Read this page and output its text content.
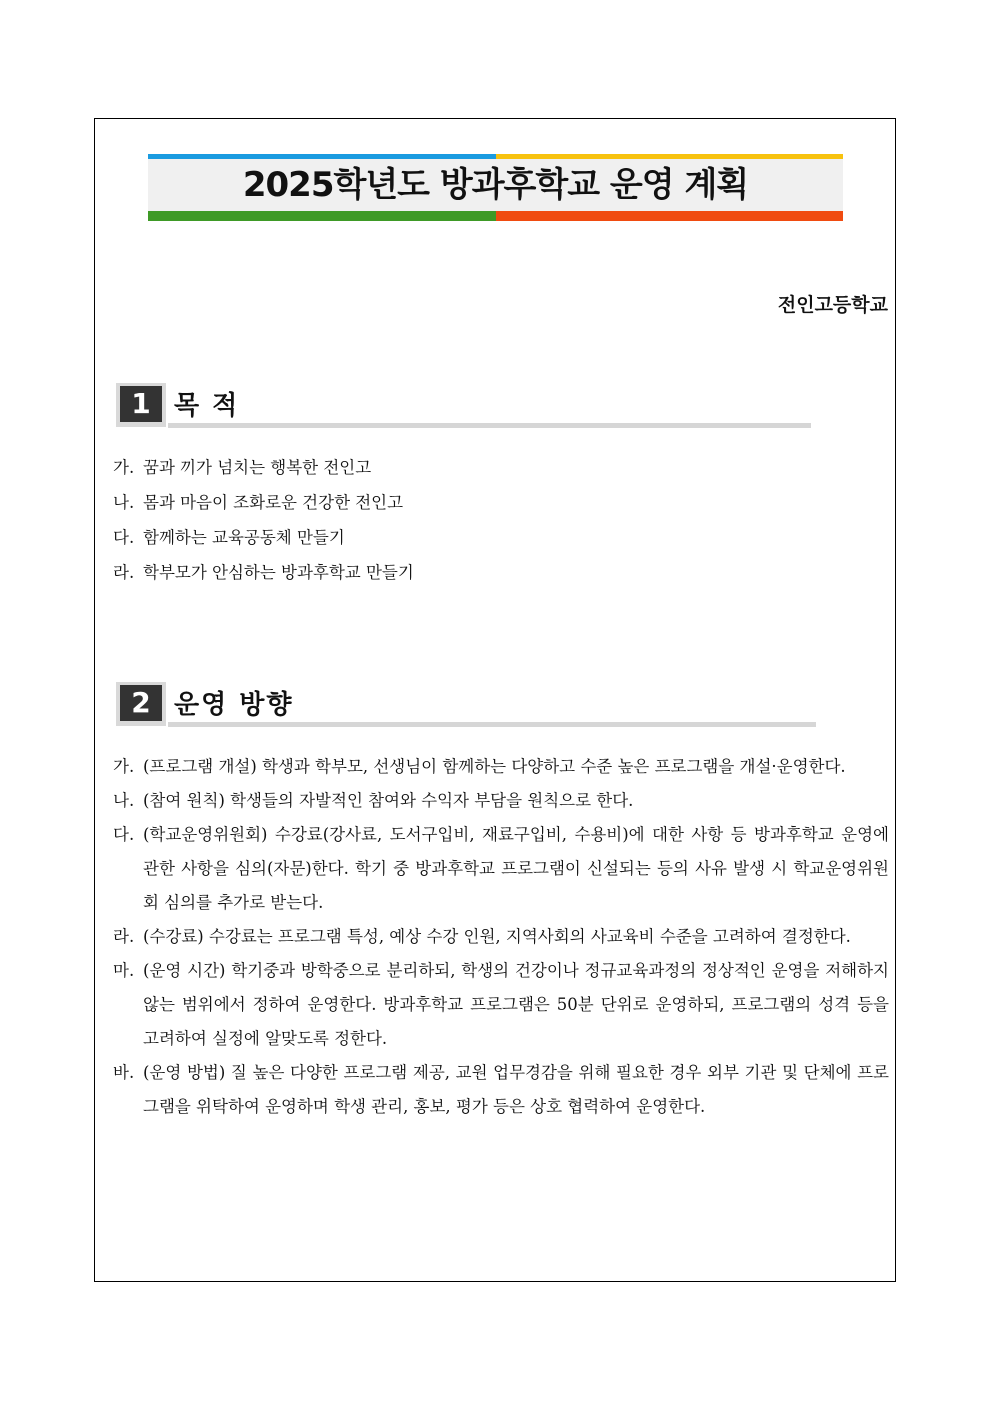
2025학년도 방과후학교 운영 계획
전인고등학교
1 목 적
가. 꿈과 끼가 넘치는 행복한 전인고
나. 몸과 마음이 조화로운 건강한 전인고
다. 함께하는 교육공동체 만들기
라. 학부모가 안심하는 방과후학교 만들기
2 운영 방향
가. (프로그램 개설) 학생과 학부모, 선생님이 함께하는 다양하고 수준 높은 프로그램을 개설·운영한다.
나. (참여 원칙) 학생들의 자발적인 참여와 수익자 부담을 원칙으로 한다.
다. (학교운영위원회) 수강료(강사료, 도서구입비, 재료구입비, 수용비)에 대한 사항 등 방과후학교 운영에 관한 사항을 심의(자문)한다. 학기 중 방과후학교 프로그램이 신설되는 등의 사유 발생 시 학교운영위원회 심의를 추가로 받는다.
라. (수강료) 수강료는 프로그램 특성, 예상 수강 인원, 지역사회의 사교육비 수준을 고려하여 결정한다.
마. (운영 시간) 학기중과 방학중으로 분리하되, 학생의 건강이나 정규교육과정의 정상적인 운영을 저해하지 않는 범위에서 정하여 운영한다. 방과후학교 프로그램은 50분 단위로 운영하되, 프로그램의 성격 등을 고려하여 실정에 알맞도록 정한다.
바. (운영 방법) 질 높은 다양한 프로그램 제공, 교원 업무경감을 위해 필요한 경우 외부 기관 및 단체에 프로그램을 위탁하여 운영하며 학생 관리, 홍보, 평가 등은 상호 협력하여 운영한다.
